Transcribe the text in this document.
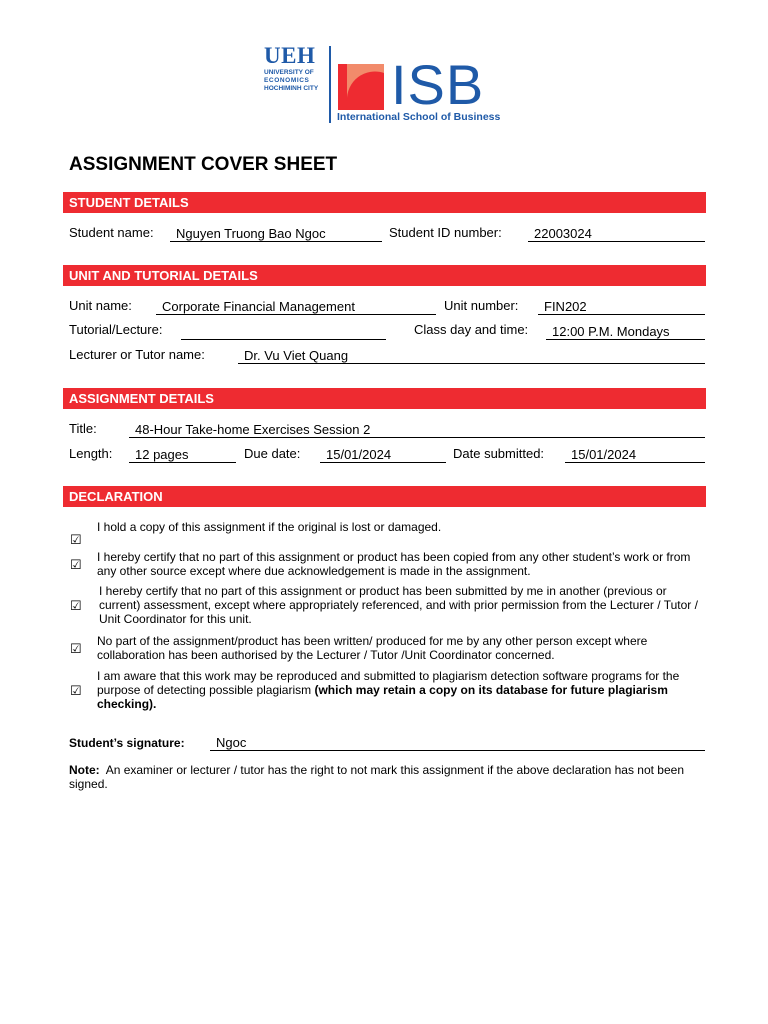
UEH
UNIVERSITY OF
ECONOMICS
HOCHIMINH CITY ISB
International School of Business
ASSIGNMENT COVER SHEET
STUDENT DETAILS
Student name:	Nguyen Truong Bao Ngoc	Student ID number:	22003024
UNIT AND TUTORIAL DETAILS
Unit name:	Corporate Financial Management	Unit number:	FIN202
Tutorial/Lecture:	Class day and time:	12:00 P.M. Mondays
Lecturer or Tutor name:	Dr. Vu Viet Quang
ASSIGNMENT DETAILS
Title:	48-Hour Take-home Exercises Session 2
Length:	12 pages	Due date:	15/01/2024	Date submitted:	15/01/2024
DECLARATION
☑
I hold a copy of this assignment if the original is lost or damaged.
☑ I hereby certify that no part of this assignment or product has been copied from any other student’s work or from any other source except where due acknowledgement is made in the assignment.
☑
I hereby certify that no part of this assignment or product has been submitted by me in another (previous or current) assessment, except where appropriately referenced, and with prior permission from the Lecturer / Tutor / Unit Coordinator for this unit.
☑ No part of the assignment/product has been written/ produced for me by any other person except where collaboration has been authorised by the Lecturer / Tutor /Unit Coordinator concerned.
☑
I am aware that this work may be reproduced and submitted to plagiarism detection software programs for the purpose of detecting possible plagiarism (which may retain a copy on its database for future plagiarism checking).
Student’s signature:	Ngoc
Note: An examiner or lecturer / tutor has the right to not mark this assignment if the above declaration has not been signed.
